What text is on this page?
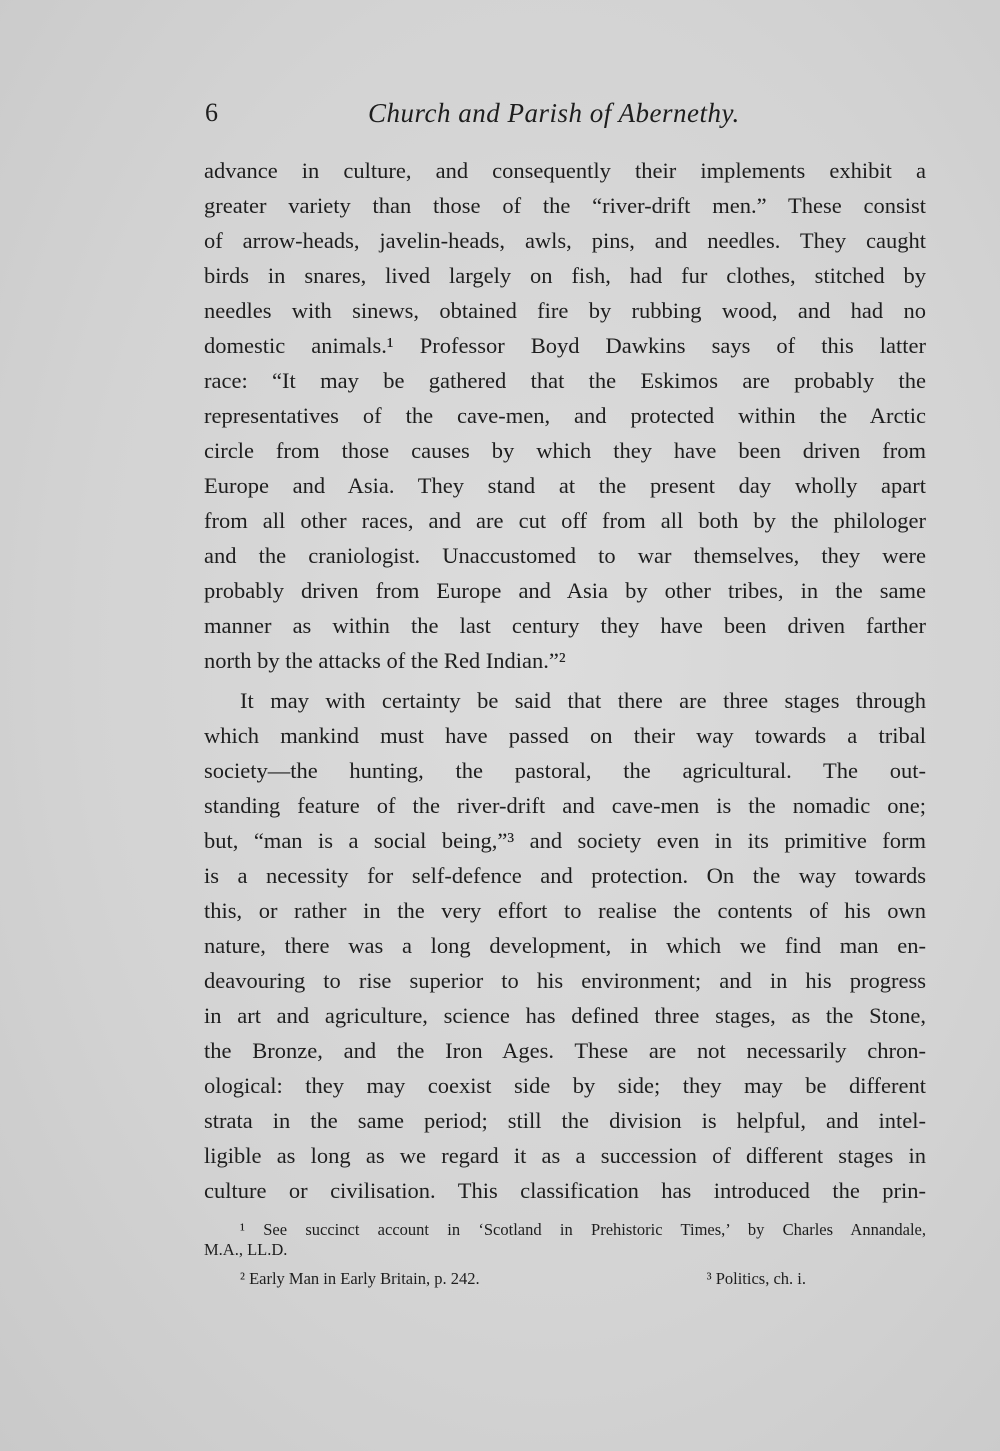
6	Church and Parish of Abernethy.
advance in culture, and consequently their implements exhibit a
greater variety than those of the “river-drift men.” These consist
of arrow-heads, javelin-heads, awls, pins, and needles. They caught
birds in snares, lived largely on fish, had fur clothes, stitched by
needles with sinews, obtained fire by rubbing wood, and had no
domestic animals.¹ Professor Boyd Dawkins says of this latter
race: “It may be gathered that the Eskimos are probably the
representatives of the cave-men, and protected within the Arctic
circle from those causes by which they have been driven from
Europe and Asia. They stand at the present day wholly apart
from all other races, and are cut off from all both by the philologer
and the craniologist. Unaccustomed to war themselves, they were
probably driven from Europe and Asia by other tribes, in the same
manner as within the last century they have been driven farther
north by the attacks of the Red Indian.”²
It may with certainty be said that there are three stages through
which mankind must have passed on their way towards a tribal
society—the hunting, the pastoral, the agricultural. The out-
standing feature of the river-drift and cave-men is the nomadic one;
but, “man is a social being,”³ and society even in its primitive form
is a necessity for self-defence and protection. On the way towards
this, or rather in the very effort to realise the contents of his own
nature, there was a long development, in which we find man en-
deavouring to rise superior to his environment; and in his progress
in art and agriculture, science has defined three stages, as the Stone,
the Bronze, and the Iron Ages. These are not necessarily chron-
ological: they may coexist side by side; they may be different
strata in the same period; still the division is helpful, and intel-
ligible as long as we regard it as a succession of different stages in
culture or civilisation. This classification has introduced the prin-
¹ See succinct account in ‘Scotland in Prehistoric Times,’ by Charles Annandale,
M.A., LL.D.
² Early Man in Early Britain, p. 242.	³ Politics, ch. i.
